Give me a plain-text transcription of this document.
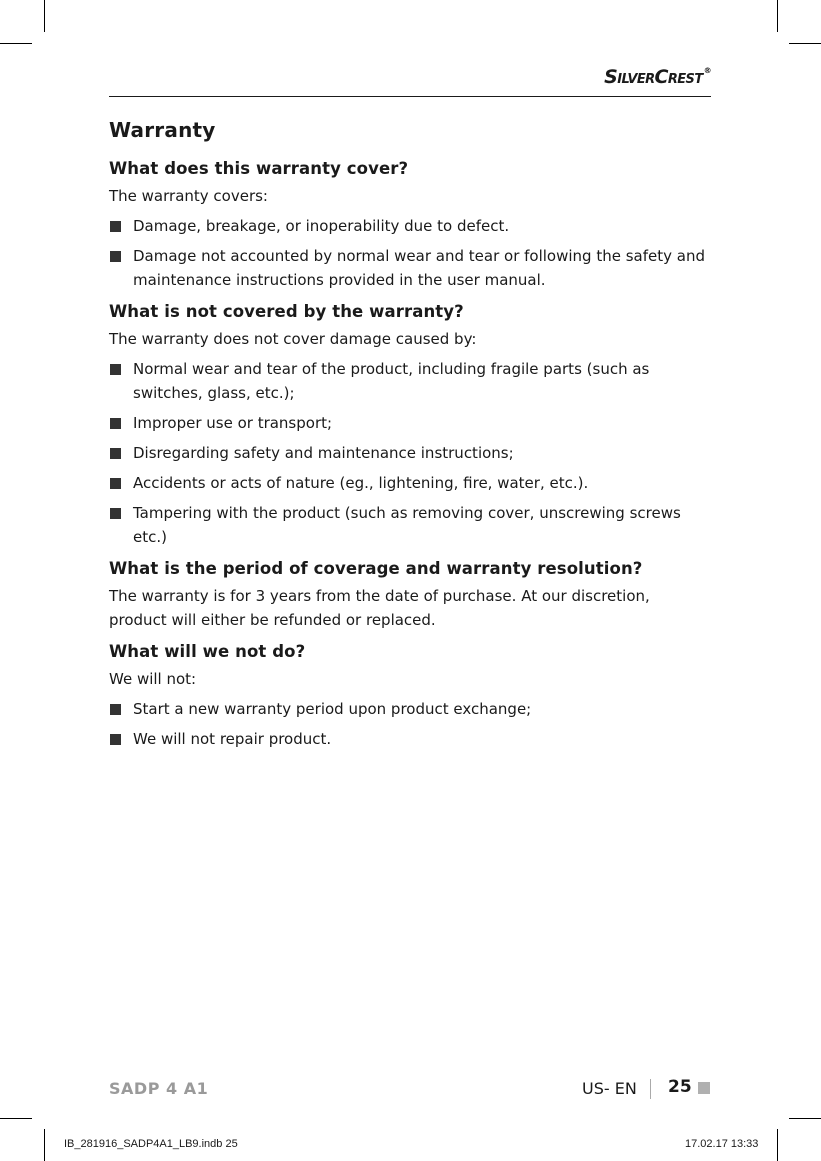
SilverCrest®
Warranty
What does this warranty cover?

The warranty covers:

Damage, breakage, or inoperability due to defect.
Damage not accounted by normal wear and tear or following the safety and maintenance instructions provided in the user manual.
What is not covered by the warranty?

The warranty does not cover damage caused by:

Normal wear and tear of the product, including fragile parts (such as switches, glass, etc.);
Improper use or transport;
Disregarding safety and maintenance instructions;
Accidents or acts of nature (eg., lightening, fire, water, etc.).
Tampering with the product (such as removing cover, unscrewing screws etc.)
What is the period of coverage and warranty resolution?

The warranty is for 3 years from the date of purchase. At our discretion, product will either be refunded or replaced.

What will we not do?

We will not:

Start a new warranty period upon product exchange;
We will not repair product.
SADP 4 A1	US- EN 25
IB_281916_SADP4A1_LB9.indb 25	17.02.17 13:33
